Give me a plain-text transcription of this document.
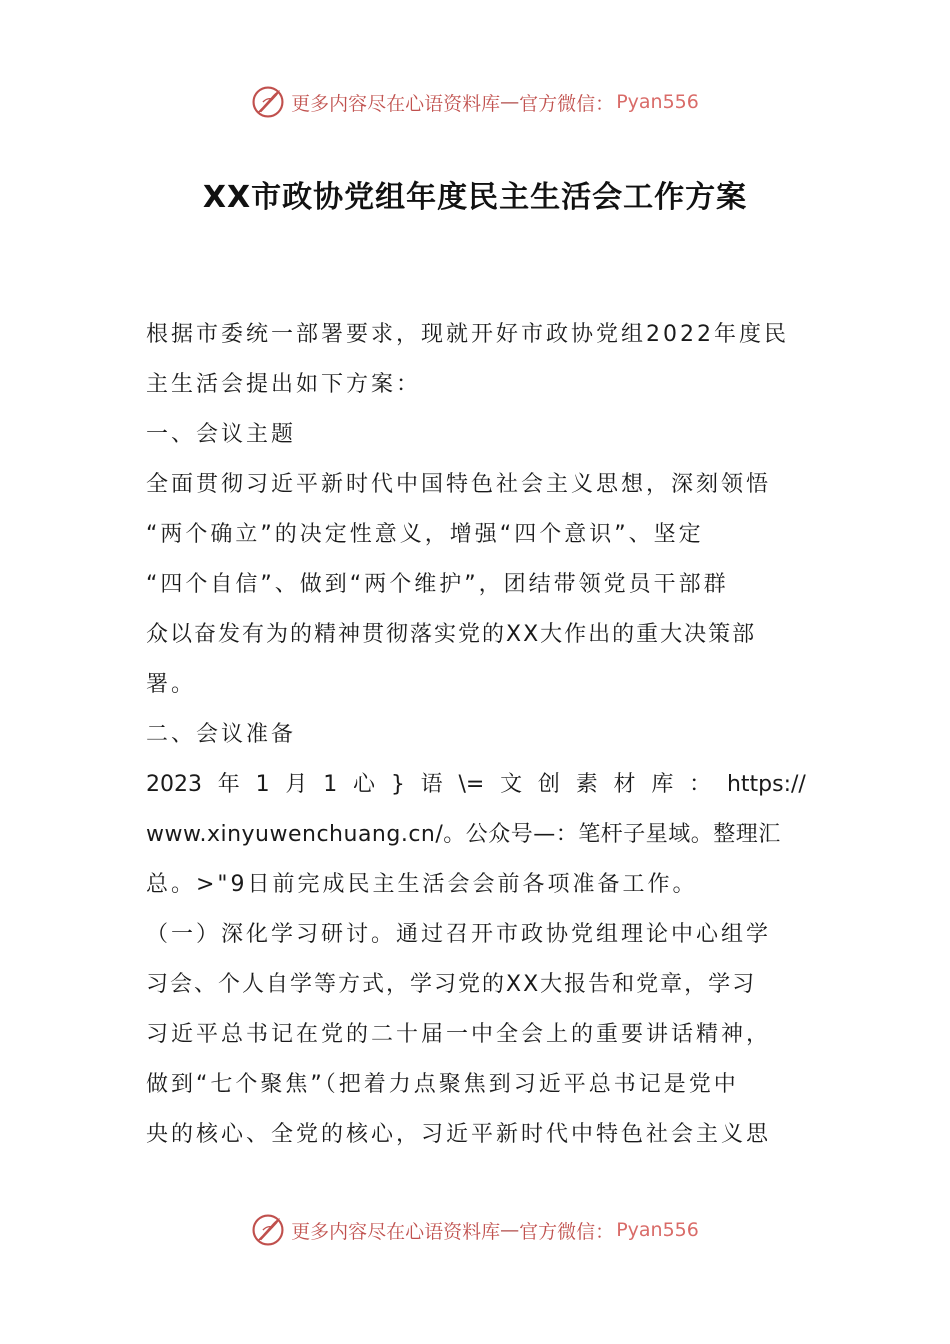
更多内容尽在心语资料库 — 官方微信： Pyan556
XX市政协党组年度民主生活会工作方案

根据市委统一部署要求，现就开好市政协党组2022年度民

主生活会提出如下方案：

一、会议主题

全面贯彻习近平新时代中国特色社会主义思想，深刻领悟

“两个确立”的决定性意义，增强“四个意识”、坚定

“四个自信”、做到“两个维护”，团结带领党员干部群

众以奋发有为的精神贯彻落实党的XX大作出的重大决策部

署。

二、会议准备

2023 年 1 月 1 心 } 语 \= 文 创 素 材 库 ： https://

www.xinyuwenchuang.cn/。公众号—：笔杆子星域。整理汇

总。>"9日前完成民主生活会会前各项准备工作。

（一）深化学习研讨。通过召开市政协党组理论中心组学

习会、个人自学等方式，学习党的XX大报告和党章，学习

习近平总书记在党的二十届一中全会上的重要讲话精神，

做到“七个聚焦”（把着力点聚焦到习近平总书记是党中

央的核心、全党的核心，习近平新时代中特色社会主义思

更多内容尽在心语资料库 — 官方微信： Pyan556
